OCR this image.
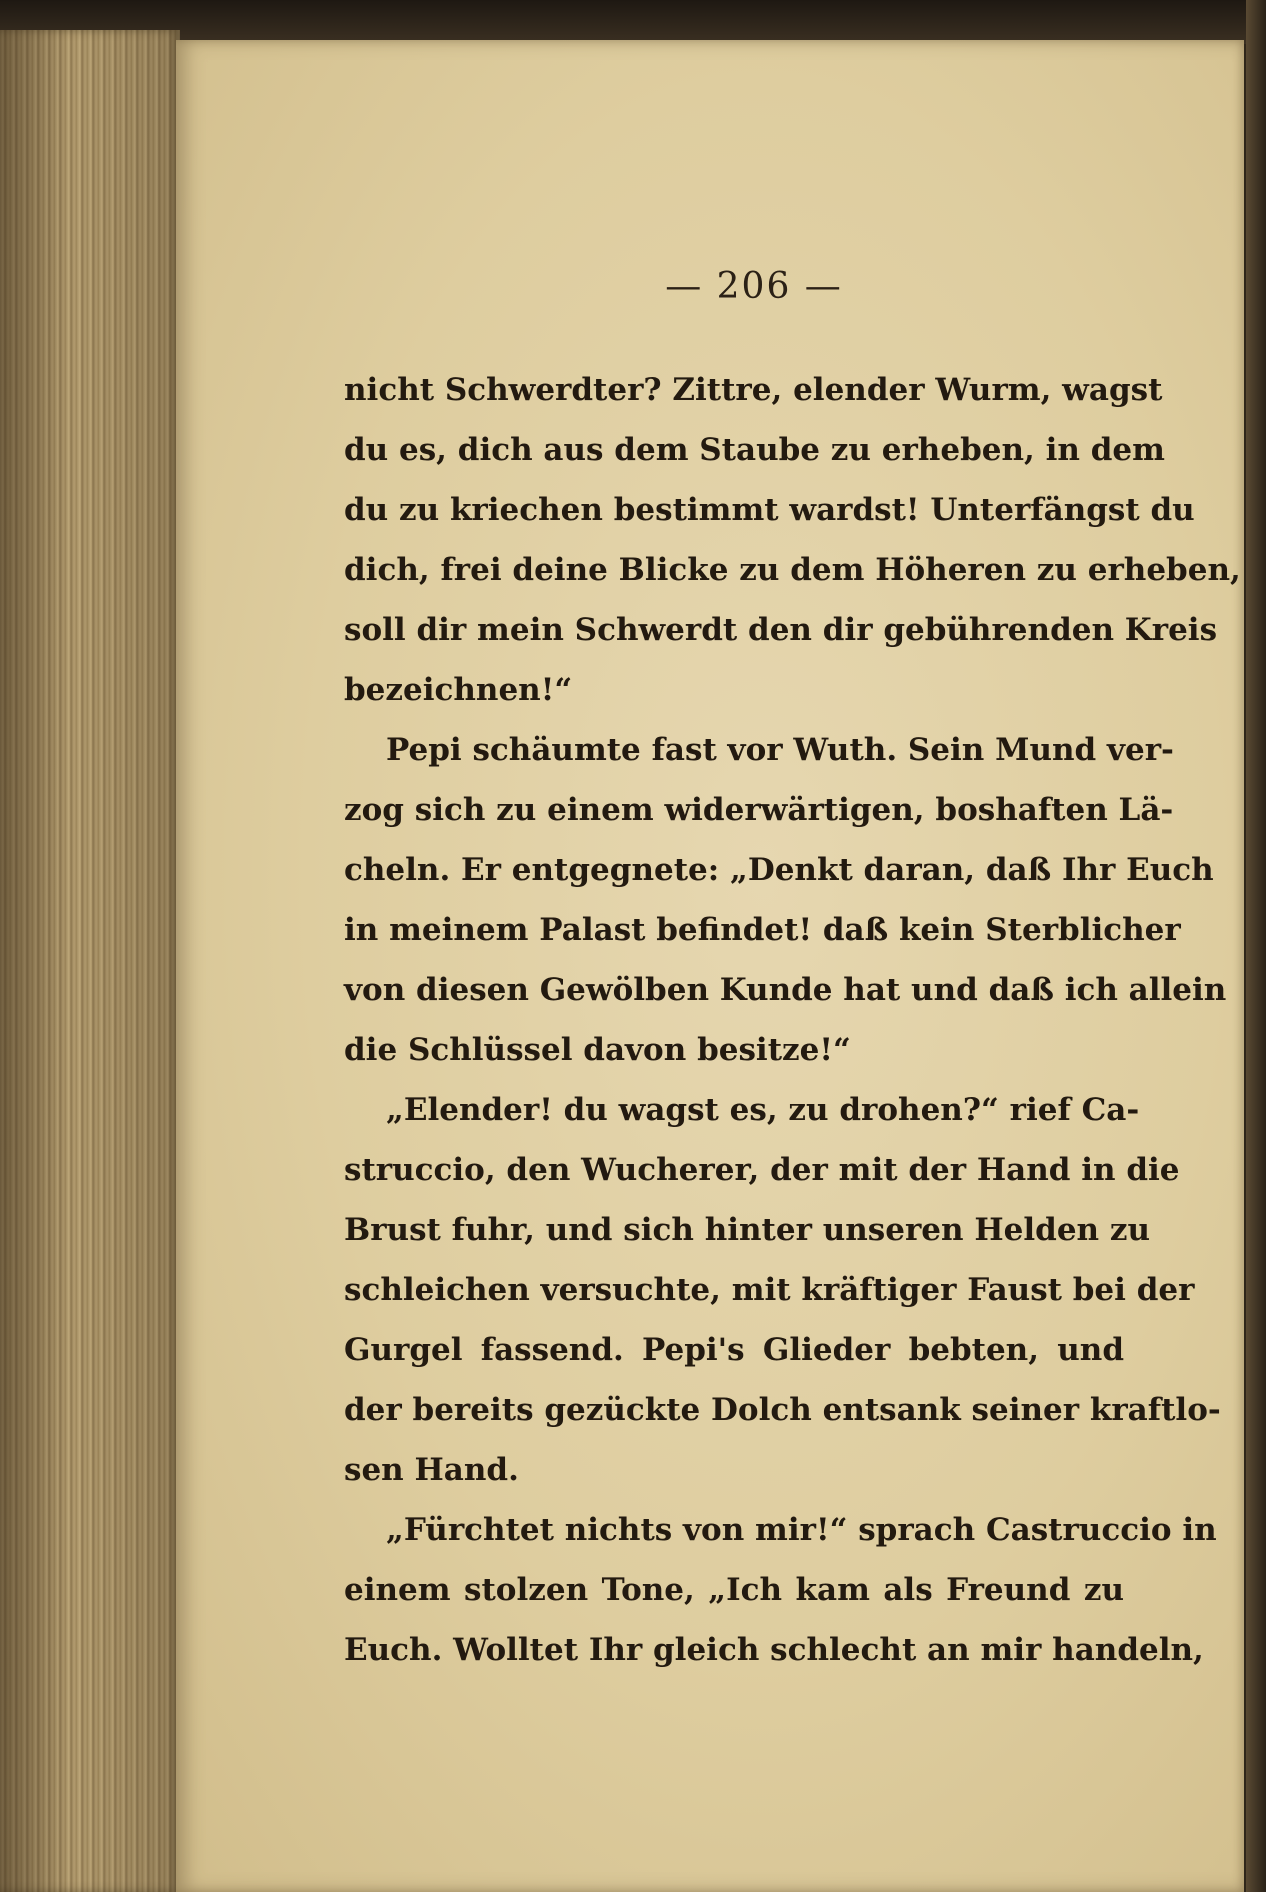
— 206 —
nicht Schwerdter? Zittre, elender Wurm, wagst
du es, dich aus dem Staube zu erheben, in dem
du zu kriechen bestimmt wardst! Unterfängst du
dich, frei deine Blicke zu dem Höheren zu erheben,
soll dir mein Schwerdt den dir gebührenden Kreis
bezeichnen!“
Pepi schäumte fast vor Wuth. Sein Mund ver-
zog sich zu einem widerwärtigen, boshaften Lä-
cheln. Er entgegnete: „Denkt daran, daß Ihr Euch
in meinem Palast befindet! daß kein Sterblicher
von diesen Gewölben Kunde hat und daß ich allein
die Schlüssel davon besitze!“
„Elender! du wagst es, zu drohen?“ rief Ca-
struccio, den Wucherer, der mit der Hand in die
Brust fuhr, und sich hinter unseren Helden zu
schleichen versuchte, mit kräftiger Faust bei der
Gurgel fassend. Pepi's Glieder bebten, und
der bereits gezückte Dolch entsank seiner kraftlo-
sen Hand.
„Fürchtet nichts von mir!“ sprach Castruccio in
einem stolzen Tone, „Ich kam als Freund zu
Euch. Wolltet Ihr gleich schlecht an mir handeln,
